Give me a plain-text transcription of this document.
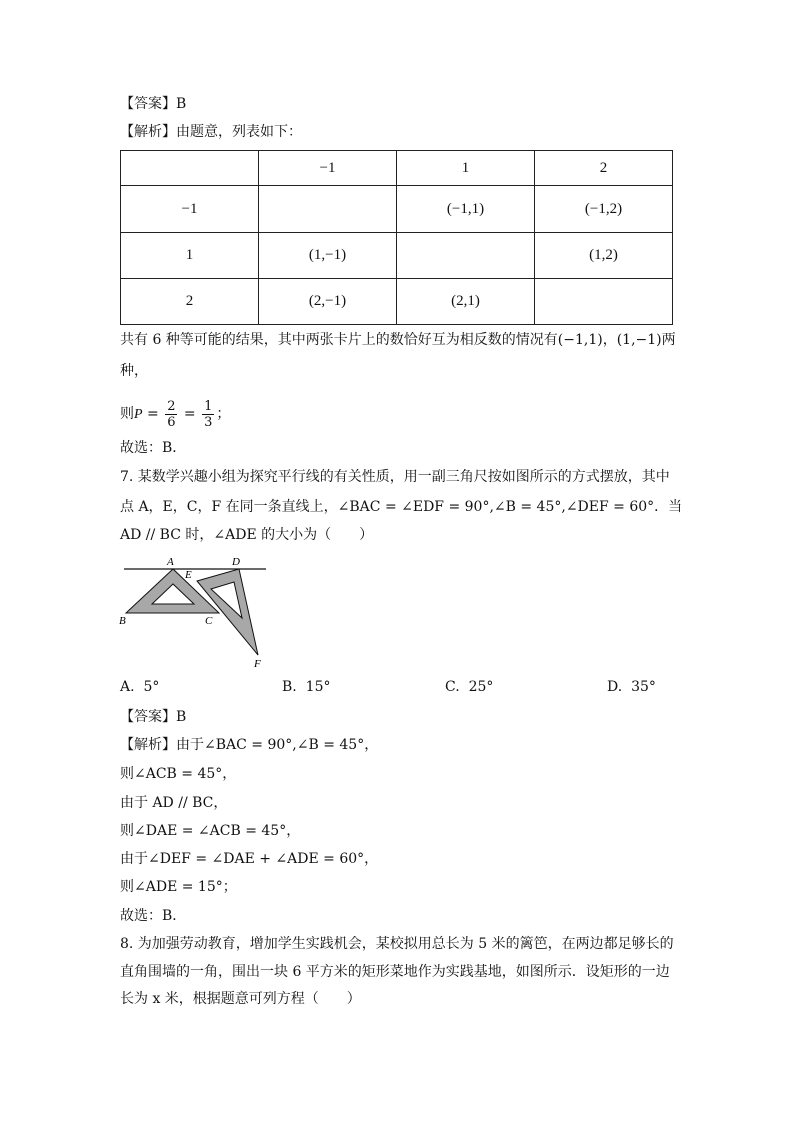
【答案】B
【解析】由题意，列表如下：
	−1	1	2
−1		(−1,1)	(−1,2)
1	(1,−1)		(1,2)
2	(2,−1)	(2,1)	
共有 6 种等可能的结果，其中两张卡片上的数恰好互为相反数的情况有(−1,1)，(1,−1)两
种，
则$P = \frac{2}{6} = \frac{1}{3}$ ；
故选：B．
7. 某数学兴趣小组为探究平行线的有关性质，用一副三角尺按如图所示的方式摆放，其中
点 A，E，C，F 在同一条直线上，∠BAC = ∠EDF = 90°,∠B = 45°,∠DEF = 60°．当
AD // BC 时，∠ADE 的大小为（　　）
A
E
D
B	C
F
A. 5°	B. 15°	C. 25°	D. 35°
【答案】B
【解析】由于∠BAC = 90°,∠B = 45°，
则∠ACB = 45°，
由于 AD // BC，
则∠DAE = ∠ACB = 45°，
由于∠DEF = ∠DAE + ∠ADE = 60°，
则∠ADE = 15°；
故选：B．
8. 为加强劳动教育，增加学生实践机会，某校拟用总长为 5 米的篱笆，在两边都足够长的
直角围墙的一角，围出一块 6 平方米的矩形菜地作为实践基地，如图所示．设矩形的一边
长为 x 米，根据题意可列方程（　　）
